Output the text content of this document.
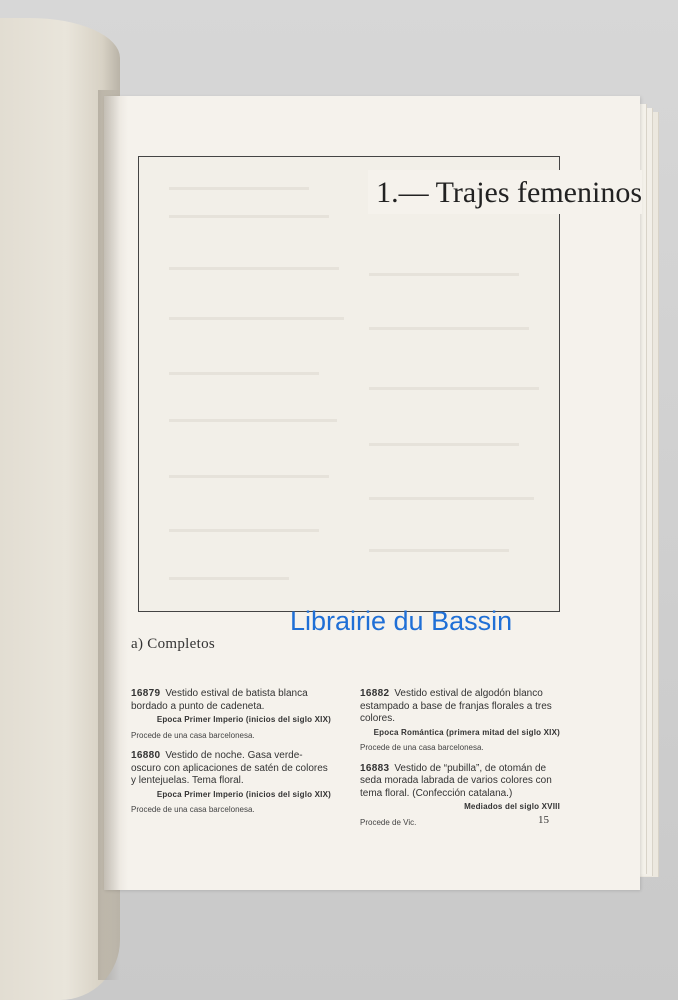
1.— Trajes femeninos
a) Completos
16879 Vestido estival de batista blanca bordado a punto de cadeneta.
Epoca Primer Imperio (inicios del siglo XIX)
Procede de una casa barcelonesa.
16880 Vestido de noche. Gasa verde-oscuro con aplicaciones de satén de colores y lentejuelas. Tema floral.
Epoca Primer Imperio (inicios del siglo XIX)
Procede de una casa barcelonesa.
16882 Vestido estival de algodón blanco estampado a base de franjas florales a tres colores.
Epoca Romántica (primera mitad del siglo XIX)
Procede de una casa barcelonesa.
16883 Vestido de “pubilla”, de otomán de seda morada labrada de varios colores con tema floral. (Confección catalana.)
Mediados del siglo XVIII
Procede de Vic.	15
Librairie du Bassin
